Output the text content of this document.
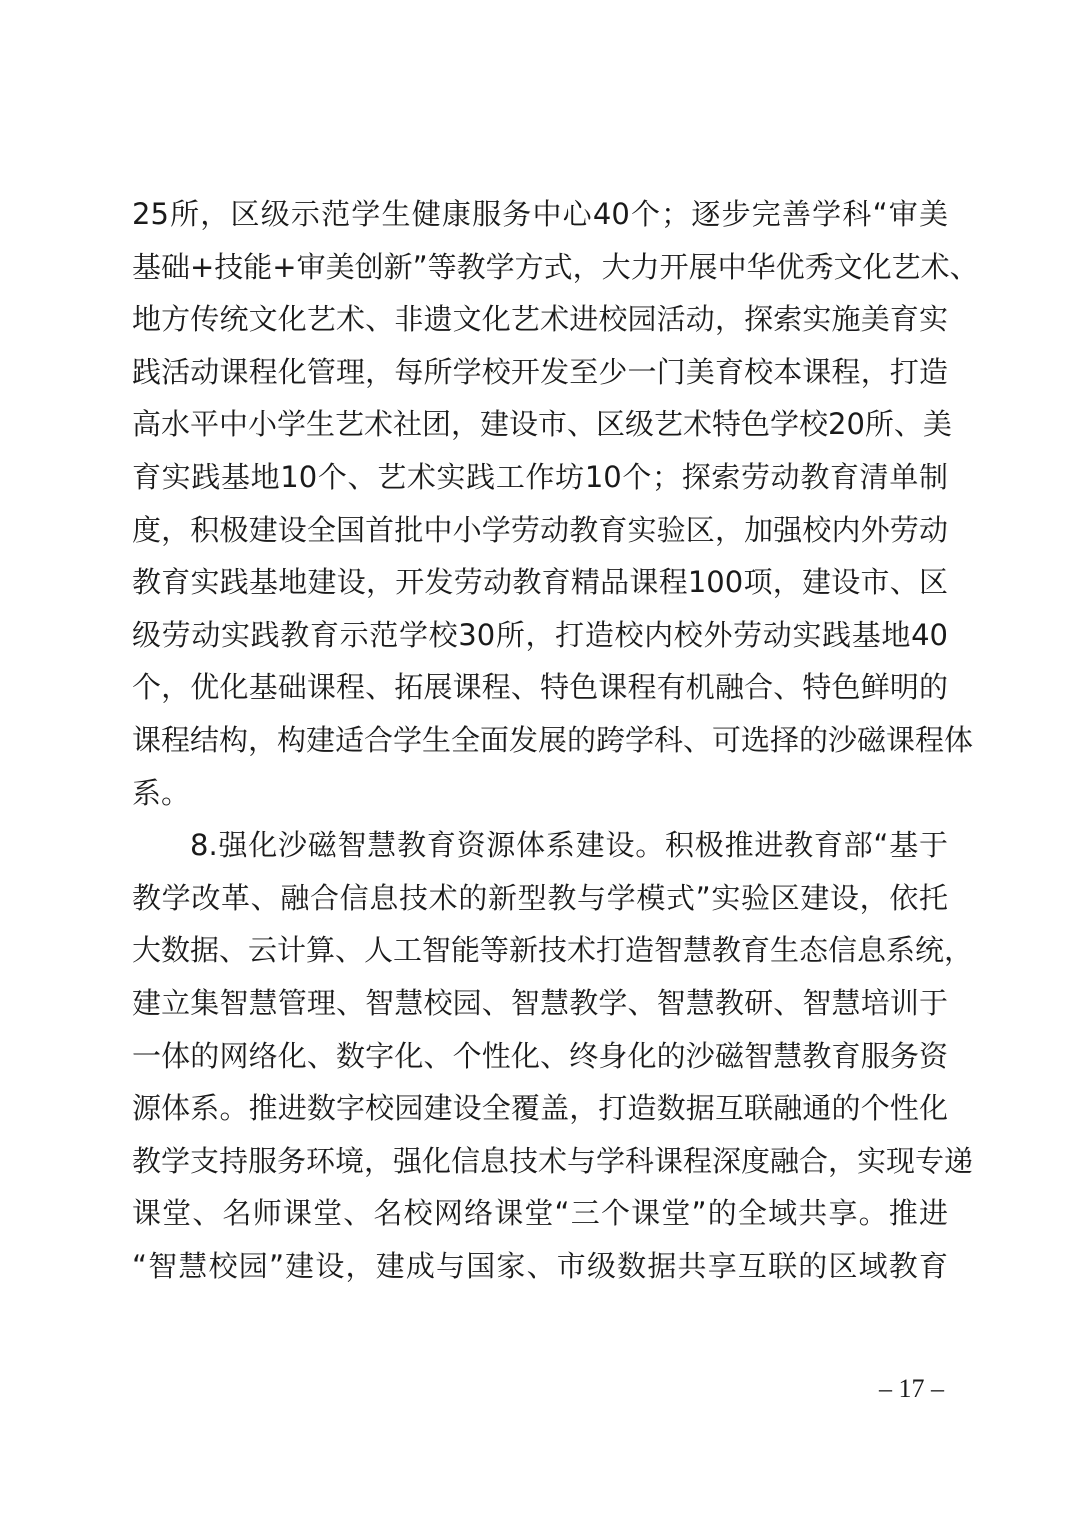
25所，区级示范学生健康服务中心40个；逐步完善学科“审美
基础+技能+审美创新”等教学方式，大力开展中华优秀文化艺术、
地方传统文化艺术、非遗文化艺术进校园活动，探索实施美育实
践活动课程化管理，每所学校开发至少一门美育校本课程，打造
高水平中小学生艺术社团，建设市、区级艺术特色学校20所、美
育实践基地10个、艺术实践工作坊10个；探索劳动教育清单制
度，积极建设全国首批中小学劳动教育实验区，加强校内外劳动
教育实践基地建设，开发劳动教育精品课程100项，建设市、区
级劳动实践教育示范学校30所，打造校内校外劳动实践基地40
个，优化基础课程、拓展课程、特色课程有机融合、特色鲜明的
课程结构，构建适合学生全面发展的跨学科、可选择的沙磁课程体
系。
8.强化沙磁智慧教育资源体系建设。积极推进教育部“基于
教学改革、融合信息技术的新型教与学模式”实验区建设，依托
大数据、云计算、人工智能等新技术打造智慧教育生态信息系统，
建立集智慧管理、智慧校园、智慧教学、智慧教研、智慧培训于
一体的网络化、数字化、个性化、终身化的沙磁智慧教育服务资
源体系。推进数字校园建设全覆盖，打造数据互联融通的个性化
教学支持服务环境，强化信息技术与学科课程深度融合，实现专递
课堂、名师课堂、名校网络课堂“三个课堂”的全域共享。推进
“智慧校园”建设，建成与国家、市级数据共享互联的区域教育
– 17 –
